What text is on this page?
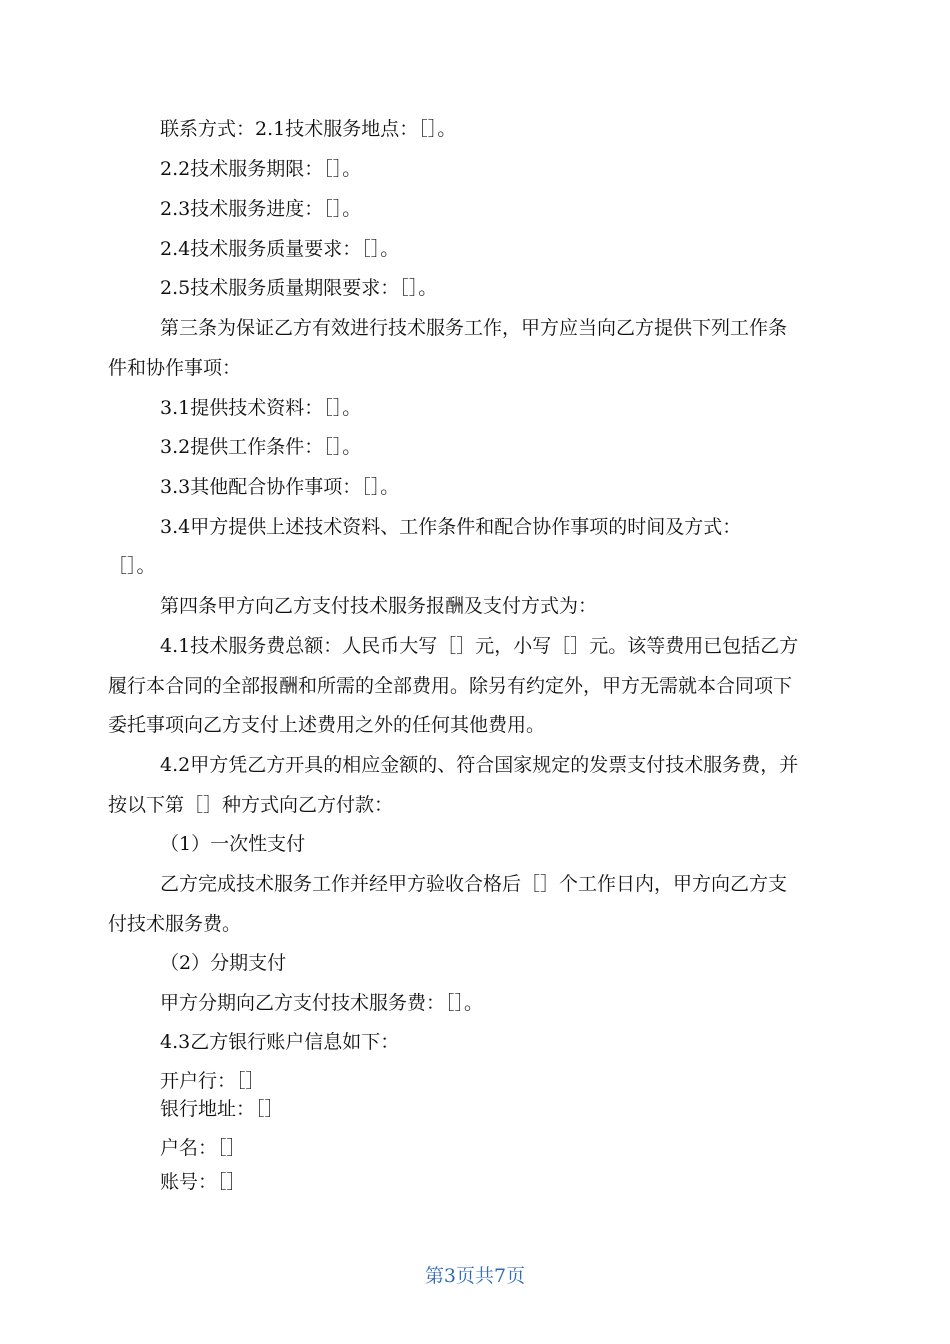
联系方式：2.1技术服务地点：［］。
2.2技术服务期限：［］。
2.3技术服务进度：［］。
2.4技术服务质量要求：［］。
2.5技术服务质量期限要求：［］。
第三条为保证乙方有效进行技术服务工作，甲方应当向乙方提供下列工作条
件和协作事项：
3.1提供技术资料：［］。
3.2提供工作条件：［］。
3.3其他配合协作事项：［］。
3.4甲方提供上述技术资料、工作条件和配合协作事项的时间及方式：
［］。
第四条甲方向乙方支付技术服务报酬及支付方式为：
4.1技术服务费总额：人民币大写［］元，小写［］元。该等费用已包括乙方
履行本合同的全部报酬和所需的全部费用。除另有约定外，甲方无需就本合同项下
委托事项向乙方支付上述费用之外的任何其他费用。
4.2甲方凭乙方开具的相应金额的、符合国家规定的发票支付技术服务费，并
按以下第［］种方式向乙方付款：
（1）一次性支付
乙方完成技术服务工作并经甲方验收合格后［］个工作日内，甲方向乙方支
付技术服务费。
（2）分期支付
甲方分期向乙方支付技术服务费：［］。
4.3乙方银行账户信息如下：
开户行：［］
银行地址：［］
户名：［］
账号：［］
第3页共7页
